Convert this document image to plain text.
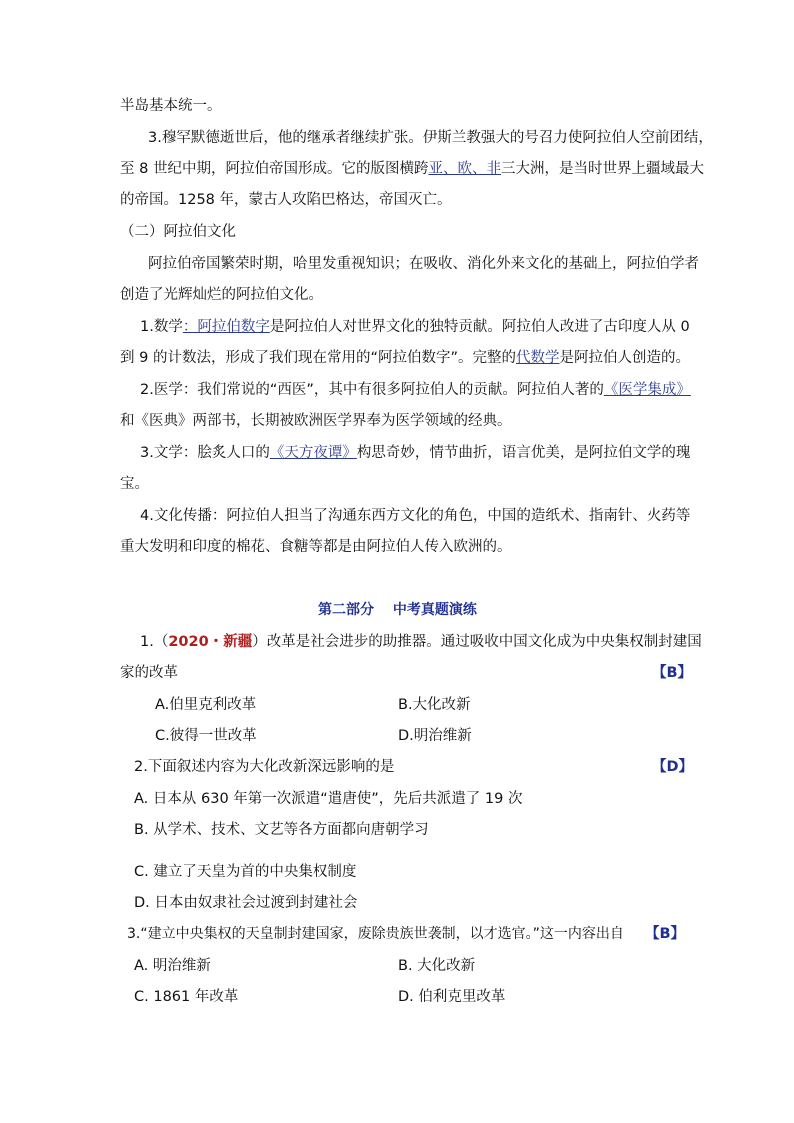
半岛基本统一。
3.穆罕默德逝世后，他的继承者继续扩张。伊斯兰教强大的号召力使阿拉伯人空前团结，
至 8 世纪中期，阿拉伯帝国形成。它的版图横跨亚、欧、非三大洲，是当时世界上疆域最大
的帝国。1258 年，蒙古人攻陷巴格达，帝国灭亡。
（二）阿拉伯文化
阿拉伯帝国繁荣时期，哈里发重视知识；在吸收、消化外来文化的基础上，阿拉伯学者
创造了光辉灿烂的阿拉伯文化。
1.数学：阿拉伯数字是阿拉伯人对世界文化的独特贡献。阿拉伯人改进了古印度人从 0
到 9 的计数法，形成了我们现在常用的“阿拉伯数字”。完整的代数学是阿拉伯人创造的。
2.医学：我们常说的“西医”，其中有很多阿拉伯人的贡献。阿拉伯人著的《医学集成》
和《医典》两部书，长期被欧洲医学界奉为医学领域的经典。
3.文学：脍炙人口的《天方夜谭》构思奇妙，情节曲折，语言优美，是阿拉伯文学的瑰
宝。
4.文化传播：阿拉伯人担当了沟通东西方文化的角色，中国的造纸术、指南针、火药等
重大发明和印度的棉花、食糖等都是由阿拉伯人传入欧洲的。
第二部分　 中考真题演练
1.（2020・新疆）改革是社会进步的助推器。通过吸收中国文化成为中央集权制封建国
家的改革	【B】
A.伯里克利改革	B.大化改新
C.彼得一世改革	D.明治维新
2.下面叙述内容为大化改新深远影响的是	【D】
A. 日本从 630 年第一次派遣“遣唐使”，先后共派遣了 19 次
B. 从学术、技术、文艺等各方面都向唐朝学习
C. 建立了天皇为首的中央集权制度
D. 日本由奴隶社会过渡到封建社会
3.“建立中央集权的天皇制封建国家，废除贵族世袭制，以才选官。”这一内容出自 【B】
A. 明治维新	B. 大化改新
C. 1861 年改革	D. 伯利克里改革
